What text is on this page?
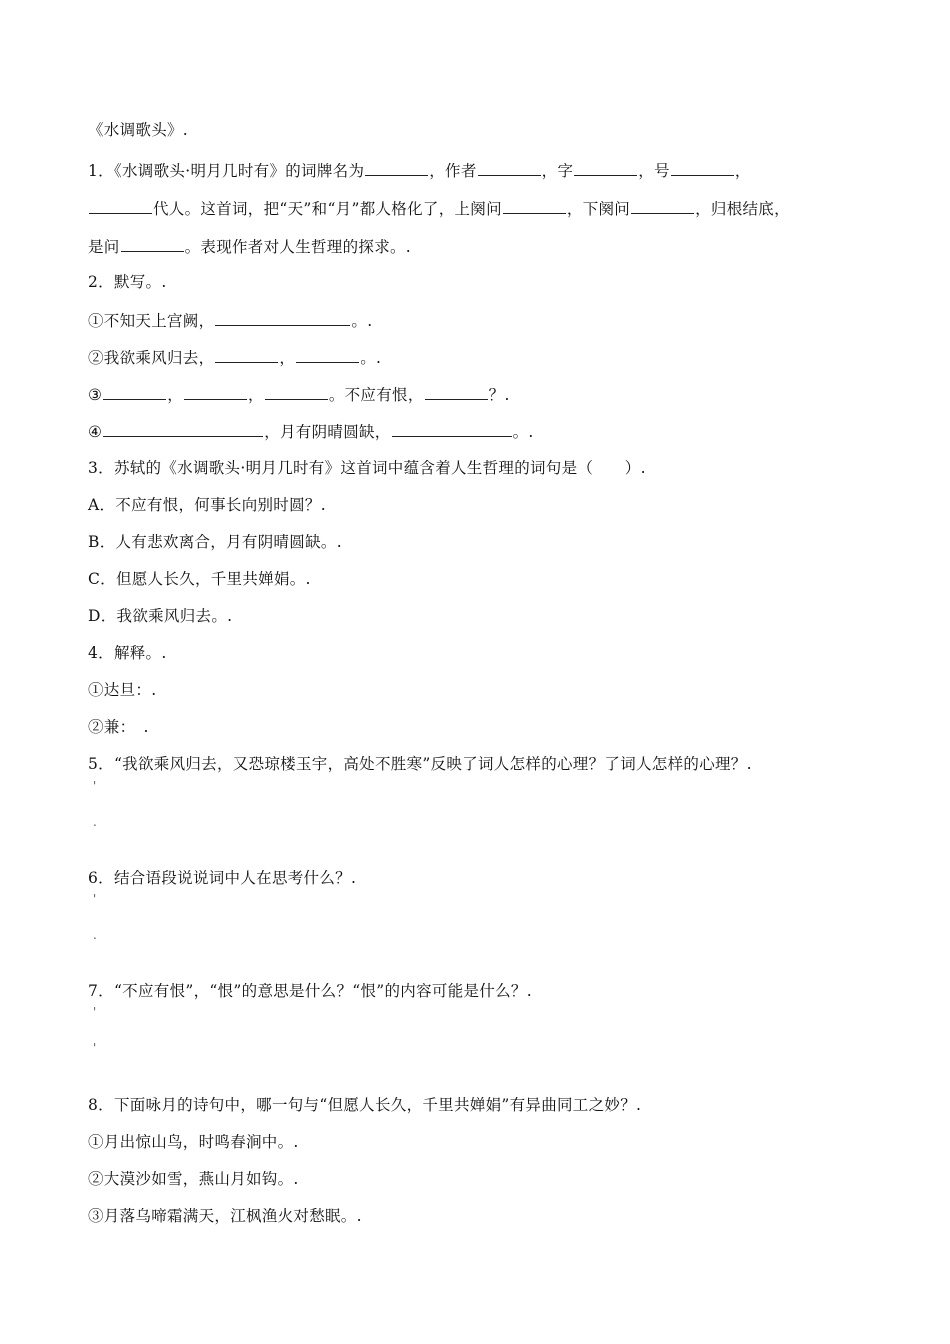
《水调歌头》.
1．《水调歌头·明月几时有》的词牌名为	，作者	，字	，号	，
代人。这首词，把“天”和“月”都人格化了，上阕问	，下阕问	，归根结底，
是问	。表现作者对人生哲理的探求。.
2．默写。.
①不知天上宫阙，	。.
②我欲乘风归去，	，	。.
③	，	，	。不应有恨，	？.
④	，月有阴晴圆缺，	。.
3．苏轼的《水调歌头·明月几时有》这首词中蕴含着人生哲理的词句是（　　）.
A．不应有恨，何事长向别时圆？.
B．人有悲欢离合，月有阴晴圆缺。.
C．但愿人长久，千里共婵娟。.
D．我欲乘风归去。.
4．解释。.
①达旦：.
②兼：　.
5．“我欲乘风归去，又恐琼楼玉宇，高处不胜寒”反映了词人怎样的心理？了词人怎样的心理？.
'
.
6．结合语段说说词中人在思考什么？.
'
.
7．“不应有恨”，“恨”的意思是什么？“恨”的内容可能是什么？.
'
'
8．下面咏月的诗句中，哪一句与“但愿人长久，千里共婵娟”有异曲同工之妙？.
①月出惊山鸟，时鸣春涧中。.
②大漠沙如雪，燕山月如钩。.
③月落乌啼霜满天，江枫渔火对愁眠。.
